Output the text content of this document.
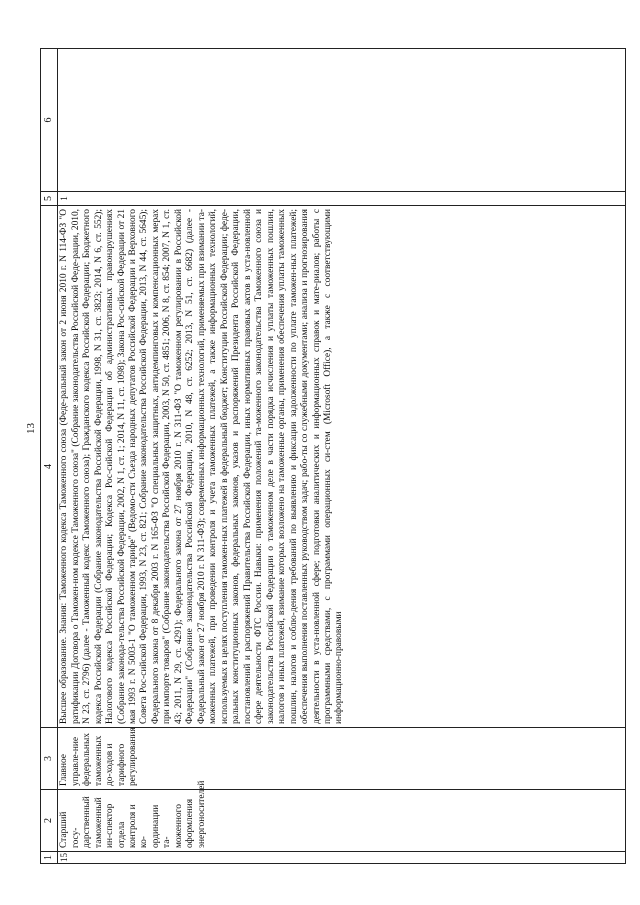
13
1	2	3	4	5	6
15	Старший госу-дарственный таможенный ин-спектор отдела контроля и ко-ординации та-моженного оформления энергоносителей	Главное управле-ние федеральных таможенных до-ходов и тарифного регулирования	Высшее образование. Знания: Таможенного кодекса Таможенного союза (Феде-ральный закон от 2 июня 2010 г. N 114-ФЗ "О ратификации Договора о Таможен-ном кодексе Таможенного союза" (Собрание законодательства Российской Феде-рации, 2010, N 23, ст. 2796) (далее - Таможенный кодекс Таможенного союза); Гражданского кодекса Российской Федерации; Бюджетного кодекса Российской Федерации (Собрание законодательства Российской Федерации, 1998, N 31, ст. 3823; 2014, N 6, ст. 552); Налогового кодекса Российской Федерации; Кодекса Рос-сийской Федерации об административных правонарушениях (Собрание законода-тельства Российской Федерации, 2002, N 1, ст. 1; 2014, N 11, ст. 1098); Закона Рос-сийской Федерации от 21 мая 1993 г. N 5003-1 "О таможенном тарифе" (Ведомо-сти Съезда народных депутатов Российской Федерации и Верховного Совета Рос-сийской Федерации, 1993, N 23, ст. 821; Собрание законодательства Российской Федерации, 2013, N 44, ст. 5645); Федерального закона от 8 декабря 2003 г. N 165-ФЗ "О специальных защитных, антидемпинговых и компенсационных мерах при импорте товаров" (Собрание законодательства Российской Федерации, 2003, N 50, ст. 4851; 2006, N 8, ст. 854; 2007, N 1, ст. 43; 2011, N 29, ст. 4291); Федерального закона от 27 ноября 2010 г. N 311-ФЗ "О таможенном регулировании в Российской Федерации" (Собрание законодательства Российской Федерации, 2010, N 48, ст. 6252; 2013, N 51, ст. 6682) (далее - Федеральный закон от 27 ноября 2010 г. N 311-ФЗ); современных информационных технологий, применяемых при взимании та-моженных платежей, при проведении контроля и учета таможенных платежей, а также информационных технологий, используемых в целях поступления таможен-ных платежей в федеральный бюджет; Конституции Российской Федерации; феде-ральных конституционных законов, федеральных законов, указов и распоряжений Президента Российской Федерации, постановлений и распоряжений Правительства Российской Федерации, иных нормативных правовых актов в уста-новленной сфере деятельности ФТС России. Навыки: применения положений та-моженного законодательства Таможенного союза и законодательства Российской Федерации о таможенном деле в части порядка исчисления и уплаты таможенных пошлин, налогов и иных платежей, взимание которых возложено на таможенные органы, применения обеспечения уплаты таможенных пошлин, налогов и соблю-дения требований по выявлению и фиксации задолженности по уплате таможен-ных платежей; обеспечения выполнения поставленных руководством задач; рабо-ты со служебными документами; анализа и прогнозирования деятельности в уста-новленной сфере; подготовки аналитических и информационных справок и мате-риалов; работы с программными средствами, с программами операционных си-стем (Microsoft Office), а также с соответствующими информационно-правовыми	1	
